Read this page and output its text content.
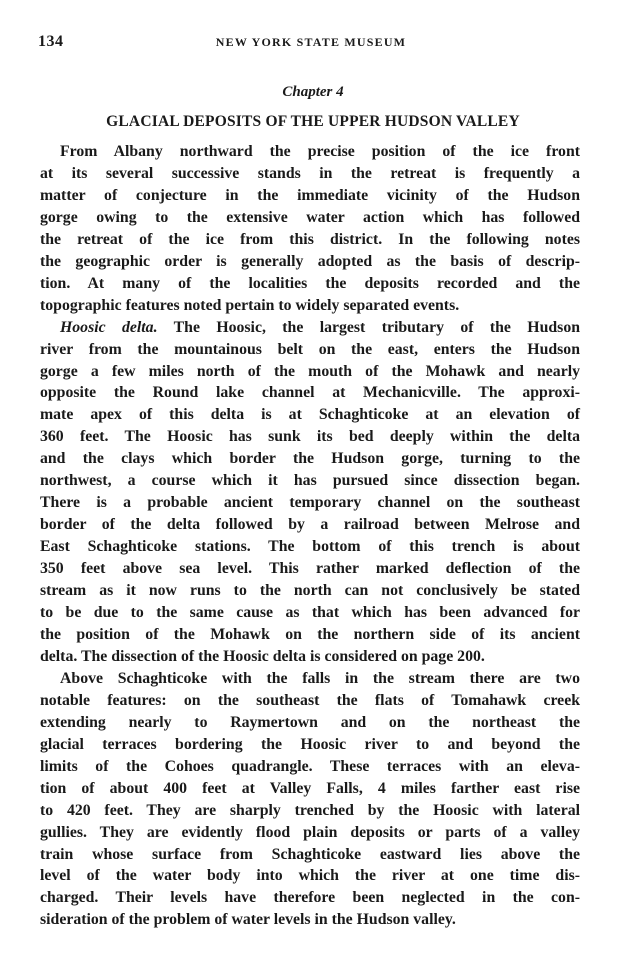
134	NEW YORK STATE MUSEUM
Chapter 4
GLACIAL DEPOSITS OF THE UPPER HUDSON VALLEY

From Albany northward the precise position of the ice front
at its several successive stands in the retreat is frequently a
matter of conjecture in the immediate vicinity of the Hudson
gorge owing to the extensive water action which has followed
the retreat of the ice from this district. In the following notes
the geographic order is generally adopted as the basis of descrip-
tion. At many of the localities the deposits recorded and the
topographic features noted pertain to widely separated events.

Hoosic delta. The Hoosic, the largest tributary of the Hudson
river from the mountainous belt on the east, enters the Hudson
gorge a few miles north of the mouth of the Mohawk and nearly
opposite the Round lake channel at Mechanicville. The approxi-
mate apex of this delta is at Schaghticoke at an elevation of
360 feet. The Hoosic has sunk its bed deeply within the delta
and the clays which border the Hudson gorge, turning to the
northwest, a course which it has pursued since dissection began.
There is a probable ancient temporary channel on the southeast
border of the delta followed by a railroad between Melrose and
East Schaghticoke stations. The bottom of this trench is about
350 feet above sea level. This rather marked deflection of the
stream as it now runs to the north can not conclusively be stated
to be due to the same cause as that which has been advanced for
the position of the Mohawk on the northern side of its ancient
delta. The dissection of the Hoosic delta is considered on page 200.

Above Schaghticoke with the falls in the stream there are two
notable features: on the southeast the flats of Tomahawk creek
extending nearly to Raymertown and on the northeast the
glacial terraces bordering the Hoosic river to and beyond the
limits of the Cohoes quadrangle. These terraces with an eleva-
tion of about 400 feet at Valley Falls, 4 miles farther east rise
to 420 feet. They are sharply trenched by the Hoosic with lateral
gullies. They are evidently flood plain deposits or parts of a valley
train whose surface from Schaghticoke eastward lies above the
level of the water body into which the river at one time dis-
charged. Their levels have therefore been neglected in the con-
sideration of the problem of water levels in the Hudson valley.
